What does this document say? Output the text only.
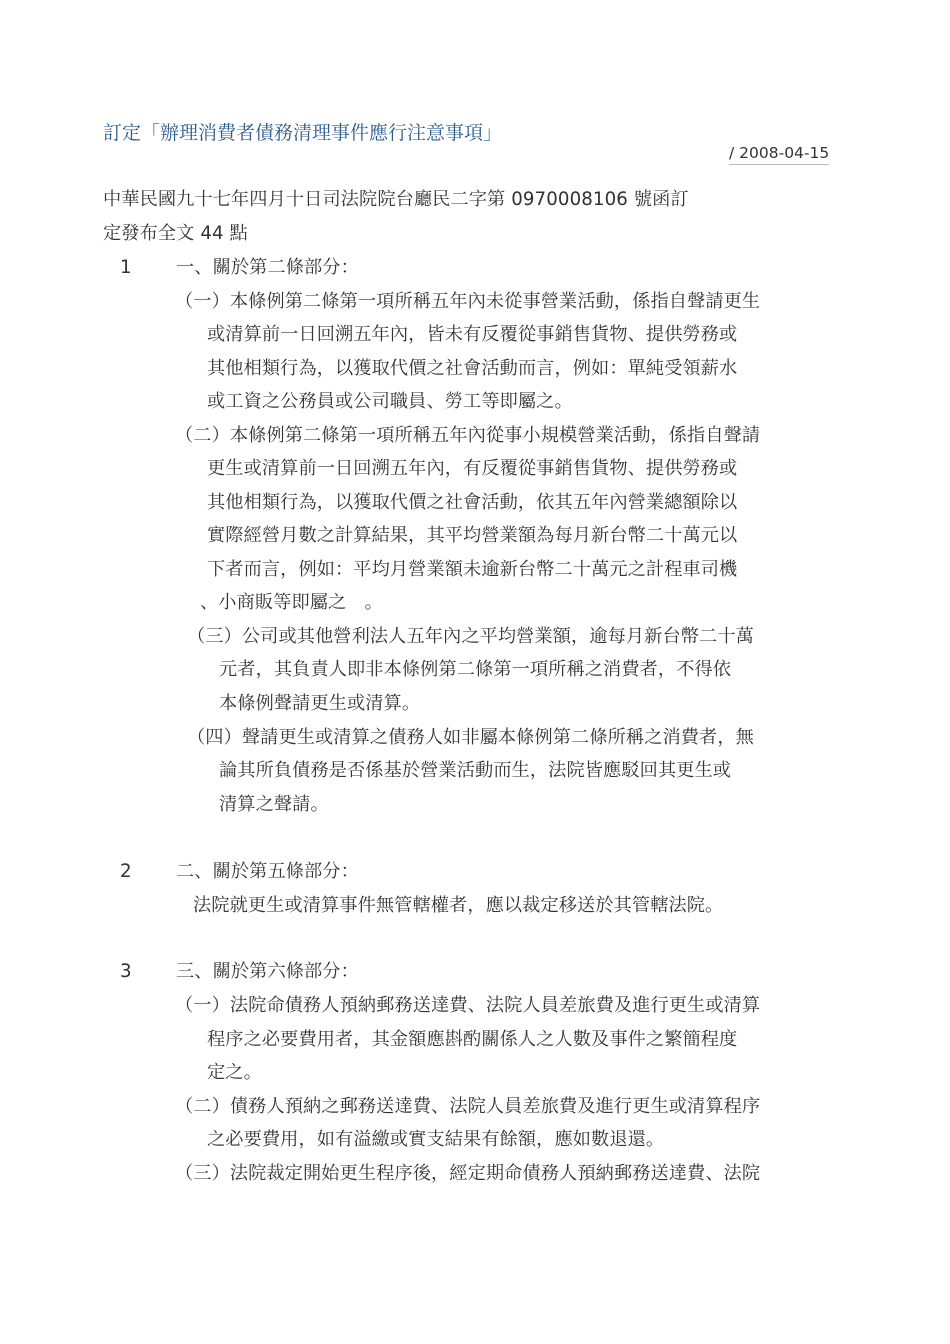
訂定「辦理消費者債務清理事件應行注意事項」
/ 2008-04-15
中華民國九十七年四月十日司法院院台廳民二字第 0970008106 號函訂
定發布全文 44 點
1 一、關於第二條部分：
（一）本條例第二條第一項所稱五年內未從事營業活動，係指自聲請更生
或清算前一日回溯五年內，皆未有反覆從事銷售貨物、提供勞務或
其他相類行為，以獲取代價之社會活動而言，例如：單純受領薪水
或工資之公務員或公司職員、勞工等即屬之。
（二）本條例第二條第一項所稱五年內從事小規模營業活動，係指自聲請
更生或清算前一日回溯五年內，有反覆從事銷售貨物、提供勞務或
其他相類行為，以獲取代價之社會活動，依其五年內營業總額除以
實際經營月數之計算結果，其平均營業額為每月新台幣二十萬元以
下者而言，例如：平均月營業額未逾新台幣二十萬元之計程車司機
、小商販等即屬之　。
（三）公司或其他營利法人五年內之平均營業額，逾每月新台幣二十萬
元者，其負責人即非本條例第二條第一項所稱之消費者，不得依
本條例聲請更生或清算。
（四）聲請更生或清算之債務人如非屬本條例第二條所稱之消費者，無
論其所負債務是否係基於營業活動而生，法院皆應駁回其更生或
清算之聲請。
2 二、關於第五條部分：
法院就更生或清算事件無管轄權者，應以裁定移送於其管轄法院。
3 三、關於第六條部分：
（一）法院命債務人預納郵務送達費、法院人員差旅費及進行更生或清算
程序之必要費用者，其金額應斟酌關係人之人數及事件之繁簡程度
定之。
（二）債務人預納之郵務送達費、法院人員差旅費及進行更生或清算程序
之必要費用，如有溢繳或實支結果有餘額，應如數退還。
（三）法院裁定開始更生程序後，經定期命債務人預納郵務送達費、法院
